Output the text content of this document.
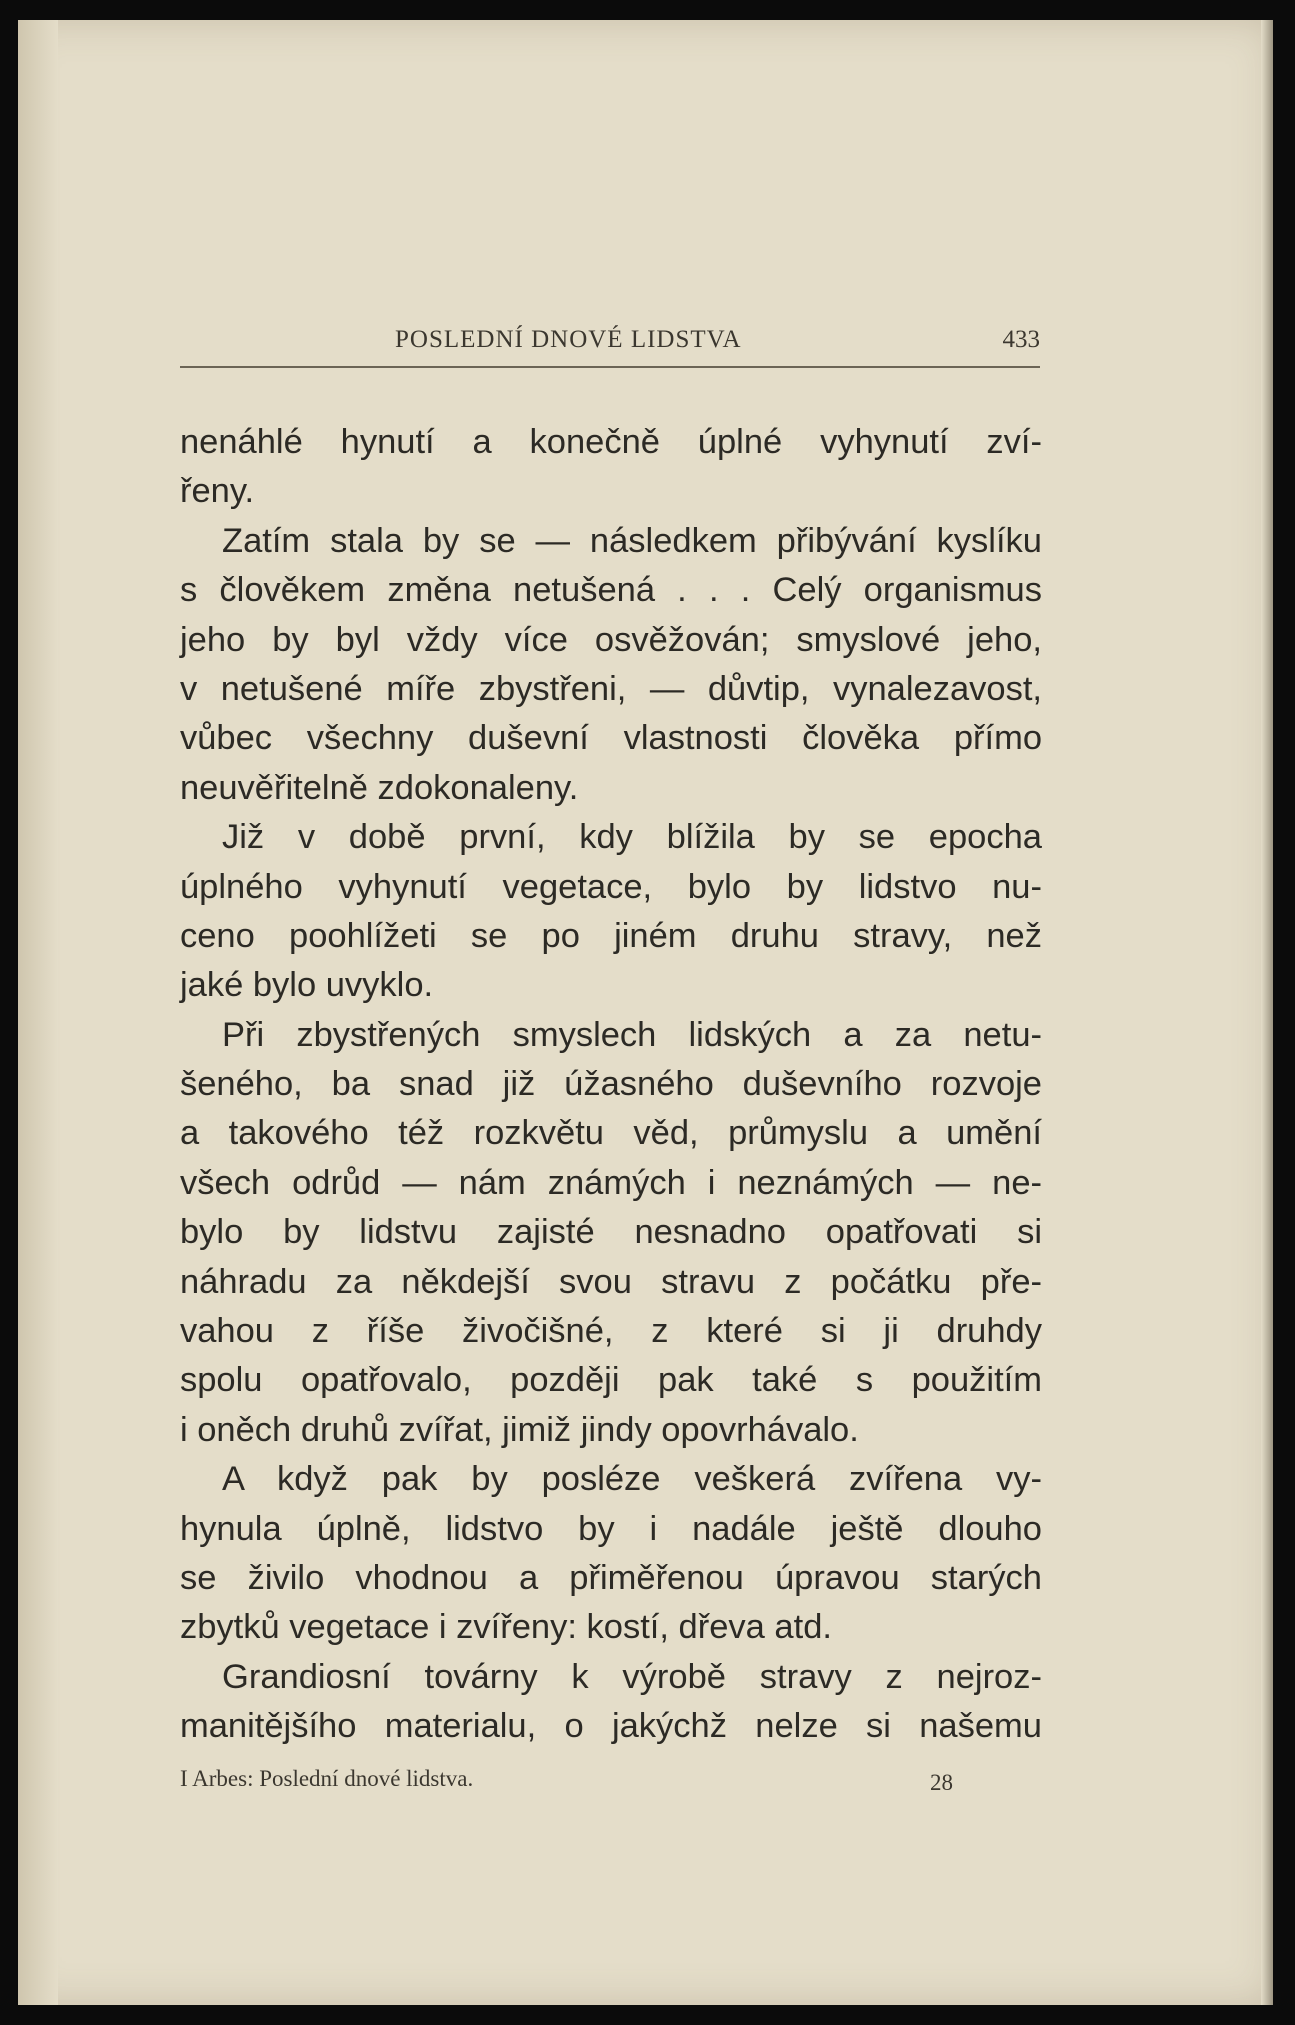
POSLEDNÍ DNOVÉ LIDSTVA	433
nenáhlé hynutí a konečně úplné vyhynutí zví-
řeny.
Zatím stala by se — následkem přibývání kyslíku
s člověkem změna netušená . . . Celý organismus
jeho by byl vždy více osvěžován; smyslové jeho,
v netušené míře zbystřeni, — důvtip, vynalezavost,
vůbec všechny duševní vlastnosti člověka přímo
neuvěřitelně zdokonaleny.
Již v době první, kdy blížila by se epocha
úplného vyhynutí vegetace, bylo by lidstvo nu-
ceno poohlížeti se po jiném druhu stravy, než
jaké bylo uvyklo.
Při zbystřených smyslech lidských a za netu-
šeného, ba snad již úžasného duševního rozvoje
a takového též rozkvětu věd, průmyslu a umění
všech odrůd — nám známých i neznámých — ne-
bylo by lidstvu zajisté nesnadno opatřovati si
náhradu za někdejší svou stravu z počátku pře-
vahou z říše živočišné, z které si ji druhdy
spolu opatřovalo, později pak také s použitím
i oněch druhů zvířat, jimiž jindy opovrhávalo.
A když pak by posléze veškerá zvířena vy-
hynula úplně, lidstvo by i nadále ještě dlouho
se živilo vhodnou a přiměřenou úpravou starých
zbytků vegetace i zvířeny: kostí, dřeva atd.
Grandiosní továrny k výrobě stravy z nejroz-
manitějšího materialu, o jakýchž nelze si našemu
I Arbes: Poslední dnové lidstva.	28
